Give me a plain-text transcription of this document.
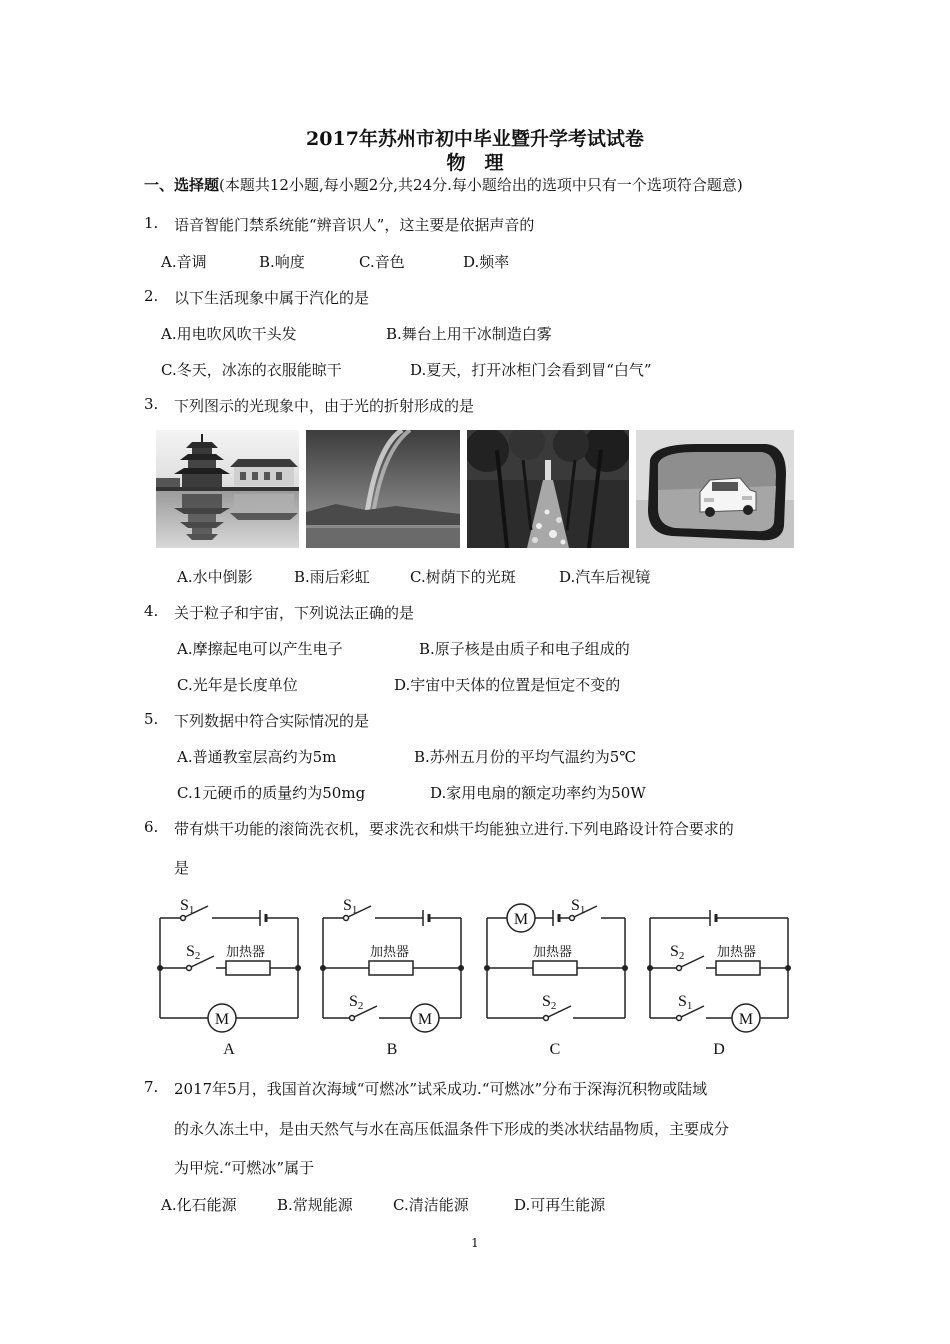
2017年苏州市初中毕业暨升学考试试卷
物　理
一、选择题(本题共12小题,每小题2分,共24分.每小题给出的选项中只有一个选项符合题意)
1. 语音智能门禁系统能“辨音识人”，这主要是依据声音的
A.音调	B.响度	C.音色	D.频率
2. 以下生活现象中属于汽化的是
A.用电吹风吹干头发	B.舞台上用干冰制造白雾
C.冬天，冰冻的衣服能晾干	D.夏天，打开冰柜门会看到冒“白气”
3. 下列图示的光现象中，由于光的折射形成的是
A.水中倒影	B.雨后彩虹	C.树荫下的光斑	D.汽车后视镜
4. 关于粒子和宇宙，下列说法正确的是
A.摩擦起电可以产生电子	B.原子核是由质子和电子组成的
C.光年是长度单位	D.宇宙中天体的位置是恒定不变的
5. 下列数据中符合实际情况的是
A.普通教室层高约为5m	B.苏州五月份的平均气温约为5℃
C.1元硬币的质量约为50mg	D.家用电扇的额定功率约为50W
6. 带有烘干功能的滚筒洗衣机，要求洗衣和烘干均能独立进行.下列电路设计符合要求的
是
S1
S2 加热器
M
A
S1
加热器
S2
M
B
M
S1
加热器
S2
C
S2	加热器
S1
M
D
7. 2017年5月，我国首次海域“可燃冰”试采成功.“可燃冰”分布于深海沉积物或陆域
的永久冻土中，是由天然气与水在高压低温条件下形成的类冰状结晶物质，主要成分
为甲烷.“可燃冰”属于
A.化石能源	B.常规能源	C.清洁能源	D.可再生能源
1
